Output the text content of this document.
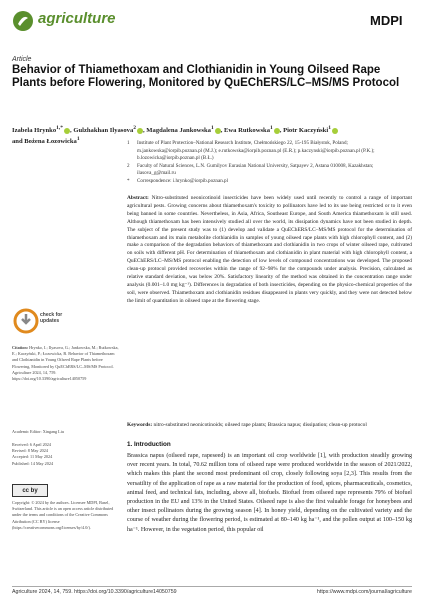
agriculture	MDPI
Article
Behavior of Thiamethoxam and Clothianidin in Young Oilseed Rape Plants before Flowering, Monitored by QuEChERS/LC–MS/MS Protocol
Izabela Hrynko$^{1,*}$ , Gulzhakhan Ilyasova$^2$ , Magdalena Jankowska$^1$ , Ewa Rutkowska$^1$ , Piotr Kaczyński$^1$
and Bożena Łozowicka$^1$
1	Institute of Plant Protection–National Research Institute, Chełmońskiego 22, 15-195 Białystok, Poland; m.jankowska@iorpib.poznan.pl (M.J.); e.rutkowska@iorpib.poznan.pl (E.R.); p.kaczynski@iorpib.poznan.pl (P.K.); b.lozowicka@iorpib.poznan.pl (B.Ł.)
2	Faculty of Natural Sciences, L.N. Gumilyov Eurasian National University, Satpayev 2, Astana 010008, Kazakhstan; ilasova_g@mail.ru
*	Correspondence: i.hrynko@iorpib.poznan.pl
Abstract: Nitro-substituted neonicotinoid insecticides have been widely used until recently to control a range of important agricultural pests. Growing concerns about thiamethoxam's toxicity to pollinators have led to its use being restricted or to it even being banned in some countries. Nevertheless, in Asia, Africa, Southeast Europe, and South America thiamethoxam is still used. Although thiamethoxam has been intensively studied all over the world, its dissipation dynamics have not been studied in depth. The subject of the present study was to (1) develop and validate a QuEChERS/LC–MS/MS protocol for the determination of thiamethoxam and its main metabolite clothianidin in samples of young oilseed rape plants with high chlorophyll content, and (2) make a comparison of the degradation behaviors of thiamethoxam and clothianidin in two crops of winter oilseed rape, cultivated on soils with different pH. For determination of thiamethoxam and clothianidin in plant material with high chlorophyll content, a QuEChERS/LC–MS/MS protocol enabling the detection of low levels of compound concentrations was developed. The proposed clean-up protocol provided recoveries within the range of 92–98% for the compounds under analysis. Precision, calculated as relative standard deviation, was below 20%. Satisfactory linearity of the method was obtained in the concentration range under analysis (0.001–1.0 mg kg⁻¹). Differences in degradation of both insecticides, depending on the physico-chemical properties of the soil, were observed. Thiamethoxam and clothianidin residues disappeared in plants very quickly, and they were not detected below the limit of quantitation in oilseed rape at the flowering stage.
Keywords: nitro-substituted neonicotinoids; oilseed rape plants; Brassica napus; dissipation; clean-up protocol
check for
updates
Citation: Hrynko, I.; Ilyasova, G.; Jankowska, M.; Rutkowska, E.; Kaczyński, P.; Łozowicka, B. Behavior of Thiamethoxam and Clothianidin in Young Oilseed Rape Plants before Flowering, Monitored by QuEChERS/LC–MS/MS Protocol. Agriculture 2024, 14, 759. https://doi.org/10.3390/agriculture14050759
Academic Editor: Xingang Liu
Received: 6 April 2024
Revised: 8 May 2024
Accepted: 11 May 2024
Published: 14 May 2024
cc by
Copyright: © 2024 by the authors. Licensee MDPI, Basel, Switzerland. This article is an open access article distributed under the terms and conditions of the Creative Commons Attribution (CC BY) license (https://creativecommons.org/licenses/by/4.0/).
1. Introduction
Brassica napus (oilseed rape, rapeseed) is an important oil crop worldwide [1], with production steadily growing over recent years. In total, 70.62 million tons of oilseed rape were produced worldwide in the season of 2021/2022, which makes this plant the second most predominant oil crop, closely following soya [2,3]. This results from the versatility of the application of rape as a raw material for the production of food, spices, pharmaceuticals, cosmetics, animal feed, and technical fats, including, above all, biofuels. Biofuel from oilseed rape represents 79% of biofuel production in the EU and 13% in the United States. Oilseed rape is also the first valuable forage for honeybees and other insect pollinators during the growing season [4]. In honey yield, depending on the cultivated variety and the course of weather during the flowering period, is estimated at 80–140 kg ha⁻¹, and the pollen output at 100–150 kg ha⁻¹. However, in the vegetation period, this popular oil
Agriculture 2024, 14, 759. https://doi.org/10.3390/agriculture14050759	https://www.mdpi.com/journal/agriculture
